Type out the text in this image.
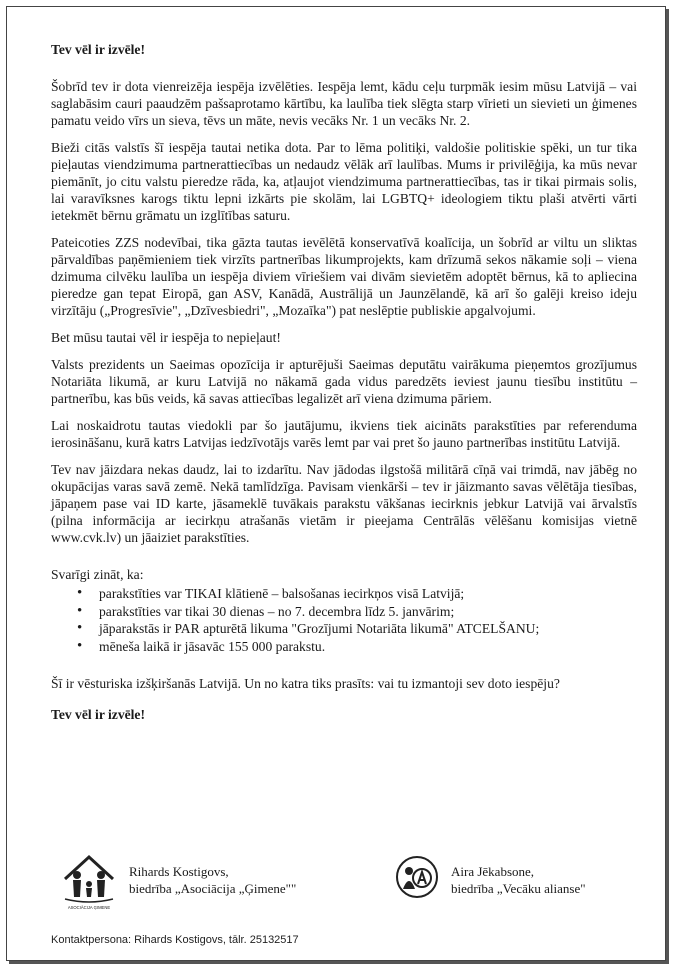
Tev vēl ir izvēle!

Šobrīd tev ir dota vienreizēja iespēja izvēlēties. Iespēja lemt, kādu ceļu turpmāk iesim mūsu Latvijā – vai saglabāsim cauri paaudzēm pašsaprotamo kārtību, ka laulība tiek slēgta starp vīrieti un sievieti un ģimenes pamatu veido vīrs un sieva, tēvs un māte, nevis vecāks Nr. 1 un vecāks Nr. 2.

Bieži citās valstīs šī iespēja tautai netika dota. Par to lēma politiķi, valdošie politiskie spēki, un tur tika pieļautas viendzimuma partnerattiecības un nedaudz vēlāk arī laulības. Mums ir privilēģija, ka mūs nevar piemānīt, jo citu valstu pieredze rāda, ka, atļaujot viendzimuma partnerattiecības, tas ir tikai pirmais solis, lai varavīksnes karogs tiktu lepni izkārts pie skolām, lai LGBTQ+ ideologiem tiktu plaši atvērti vārti ietekmēt bērnu grāmatu un izglītības saturu.

Pateicoties ZZS nodevībai, tika gāzta tautas ievēlētā konservatīvā koalīcija, un šobrīd ar viltu un sliktas pārvaldības paņēmieniem tiek virzīts partnerības likumprojekts, kam drīzumā sekos nākamie soļi – viena dzimuma cilvēku laulība un iespēja diviem vīriešiem vai divām sievietēm adoptēt bērnus, kā to apliecina pieredze gan tepat Eiropā, gan ASV, Kanādā, Austrālijā un Jaunzēlandē, kā arī šo galēji kreiso ideju virzītāju („Progresīvie", „Dzīvesbiedri", „Mozaīka") pat neslēptie publiskie apgalvojumi.

Bet mūsu tautai vēl ir iespēja to nepieļaut!

Valsts prezidents un Saeimas opozīcija ir apturējuši Saeimas deputātu vairākuma pieņemtos grozījumus Notariāta likumā, ar kuru Latvijā no nākamā gada vidus paredzēts ieviest jaunu tiesību institūtu – partnerību, kas būs veids, kā savas attiecības legalizēt arī viena dzimuma pāriem.

Lai noskaidrotu tautas viedokli par šo jautājumu, ikviens tiek aicināts parakstīties par referenduma ierosināšanu, kurā katrs Latvijas iedzīvotājs varēs lemt par vai pret šo jauno partnerības institūtu Latvijā.

Tev nav jāizdara nekas daudz, lai to izdarītu. Nav jādodas ilgstošā militārā cīņā vai trimdā, nav jābēg no okupācijas varas savā zemē. Nekā tamlīdzīga. Pavisam vienkārši – tev ir jāizmanto savas vēlētāja tiesības, jāpaņem pase vai ID karte, jāsameklē tuvākais parakstu vākšanas iecirknis jebkur Latvijā vai ārvalstīs (pilna informācija ar iecirkņu atrašanās vietām ir pieejama Centrālās vēlēšanu komisijas vietnē www.cvk.lv) un jāaiziet parakstīties.

Svarīgi zināt, ka:

• parakstīties var TIKAI klātienē – balsošanas iecirkņos visā Latvijā;
• parakstīties var tikai 30 dienas – no 7. decembra līdz 5. janvārim;
• jāparakstās ir PAR apturētā likuma "Grozījumi Notariāta likumā" ATCELŠANU;
• mēneša laikā ir jāsavāc 155 000 parakstu.

Šī ir vēsturiska izšķiršanās Latvijā. Un no katra tiks prasīts: vai tu izmantoji sev doto iespēju?

Tev vēl ir izvēle!

ASOCIĀCIJA ĢIMENE
Rihards Kostigovs,
biedrība „Asociācija „Ģimene""
Aira Jēkabsone,
biedrība „Vecāku alianse"
Kontaktpersona: Rihards Kostigovs, tālr. 25132517
